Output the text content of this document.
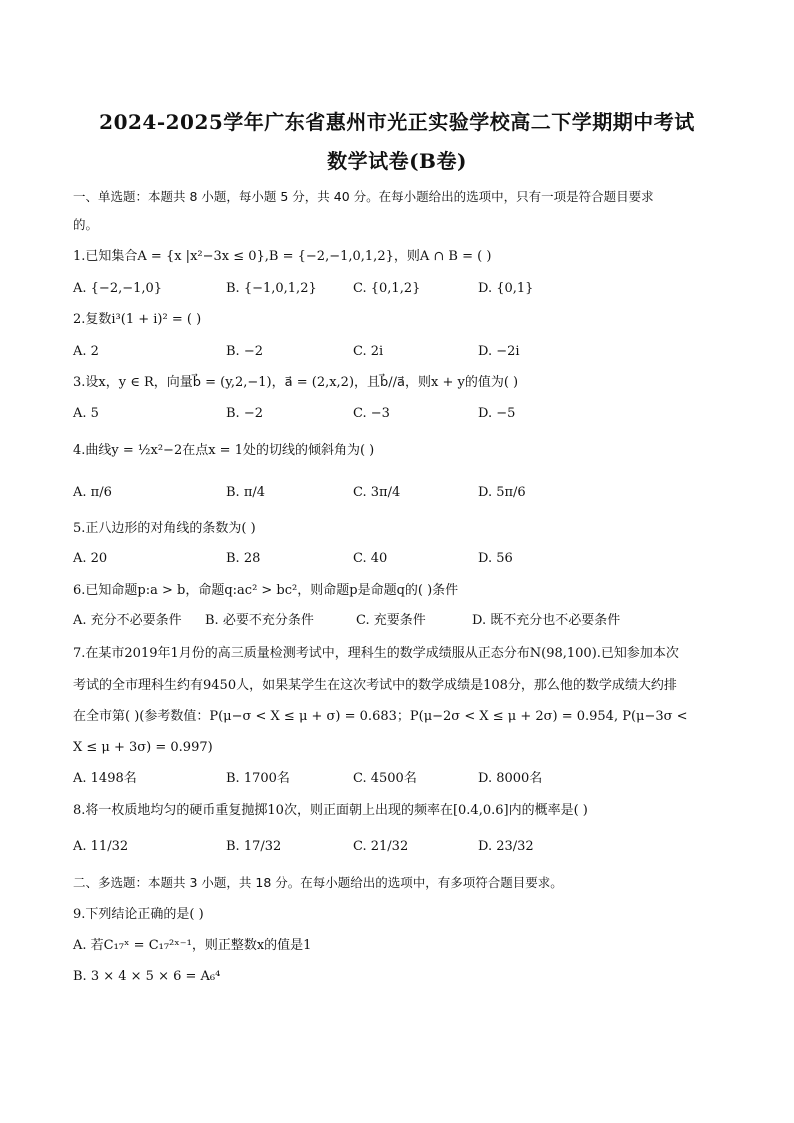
2024-2025学年广东省惠州市光正实验学校高二下学期期中考试
数学试卷(B卷)
一、单选题：本题共 8 小题，每小题 5 分，共 40 分。在每小题给出的选项中，只有一项是符合题目要求
的。
1.已知集合A = {x |x²−3x ≤ 0},B = {−2,−1,0,1,2}，则A ∩ B = ( )
A. {−2,−1,0}	B. {−1,0,1,2}	C. {0,1,2}	D. {0,1}
2.复数i³(1 + i)² = ( )
A. 2	B. −2	C. 2i	D. −2i
3.设x，y ∈ R，向量b⃗ = (y,2,−1)，a⃗ = (2,x,2)，且b⃗//a⃗，则x + y的值为( )
A. 5	B. −2	C. −3	D. −5
4.曲线y = ½x²−2在点x = 1处的切线的倾斜角为( )
A. π/6	B. π/4	C. 3π/4	D. 5π/6
5.正八边形的对角线的条数为( )
A. 20	B. 28	C. 40	D. 56
6.已知命题p:a > b，命题q:ac² > bc²，则命题p是命题q的( )条件
A. 充分不必要条件 B. 必要不充分条件	C. 充要条件	D. 既不充分也不必要条件
7.在某市2019年1月份的高三质量检测考试中，理科生的数学成绩服从正态分布N(98,100).已知参加本次
考试的全市理科生约有9450人，如果某学生在这次考试中的数学成绩是108分，那么他的数学成绩大约排
在全市第( )(参考数值：P(μ−σ < X ≤ μ + σ) = 0.683；P(μ−2σ < X ≤ μ + 2σ) = 0.954, P(μ−3σ <
X ≤ μ + 3σ) = 0.997)
A. 1498名	B. 1700名	C. 4500名	D. 8000名
8.将一枚质地均匀的硬币重复抛掷10次，则正面朝上出现的频率在[0.4,0.6]内的概率是( )
A. 11/32	B. 17/32	C. 21/32	D. 23/32
二、多选题：本题共 3 小题，共 18 分。在每小题给出的选项中，有多项符合题目要求。
9.下列结论正确的是( )
A. 若C₁₇ˣ = C₁₇²ˣ⁻¹，则正整数x的值是1
B. 3 × 4 × 5 × 6 = A₆⁴
